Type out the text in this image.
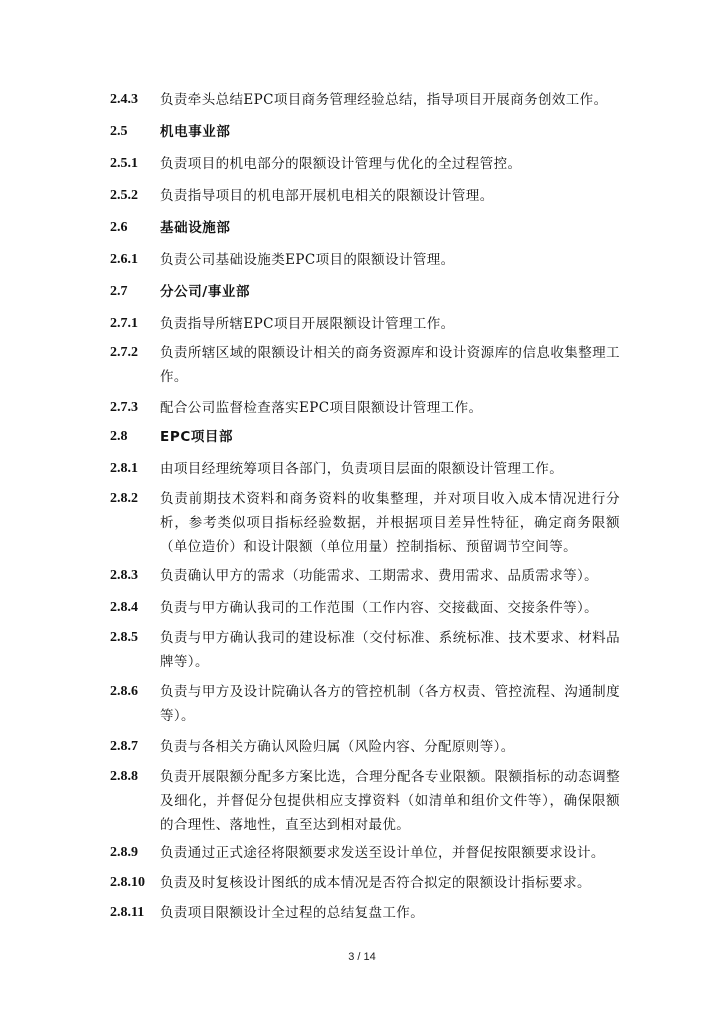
2.4.3	负责牵头总结EPC项目商务管理经验总结，指导项目开展商务创效工作。
2.5	机电事业部
2.5.1	负责项目的机电部分的限额设计管理与优化的全过程管控。
2.5.2	负责指导项目的机电部开展机电相关的限额设计管理。
2.6	基础设施部
2.6.1	负责公司基础设施类EPC项目的限额设计管理。
2.7	分公司/事业部
2.7.1	负责指导所辖EPC项目开展限额设计管理工作。
2.7.2	负责所辖区域的限额设计相关的商务资源库和设计资源库的信息收集整理工作。
2.7.3	配合公司监督检查落实EPC项目限额设计管理工作。
2.8	EPC项目部
2.8.1	由项目经理统筹项目各部门，负责项目层面的限额设计管理工作。
2.8.2	负责前期技术资料和商务资料的收集整理，并对项目收入成本情况进行分析，参考类似项目指标经验数据，并根据项目差异性特征，确定商务限额（单位造价）和设计限额（单位用量）控制指标、预留调节空间等。
2.8.3	负责确认甲方的需求（功能需求、工期需求、费用需求、品质需求等）。
2.8.4	负责与甲方确认我司的工作范围（工作内容、交接截面、交接条件等）。
2.8.5	负责与甲方确认我司的建设标准（交付标准、系统标准、技术要求、材料品牌等）。
2.8.6	负责与甲方及设计院确认各方的管控机制（各方权责、管控流程、沟通制度等）。
2.8.7	负责与各相关方确认风险归属（风险内容、分配原则等）。
2.8.8	负责开展限额分配多方案比选，合理分配各专业限额。限额指标的动态调整及细化，并督促分包提供相应支撑资料（如清单和组价文件等），确保限额的合理性、落地性，直至达到相对最优。
2.8.9	负责通过正式途径将限额要求发送至设计单位，并督促按限额要求设计。
2.8.10	负责及时复核设计图纸的成本情况是否符合拟定的限额设计指标要求。
2.8.11	负责项目限额设计全过程的总结复盘工作。
3 / 14
